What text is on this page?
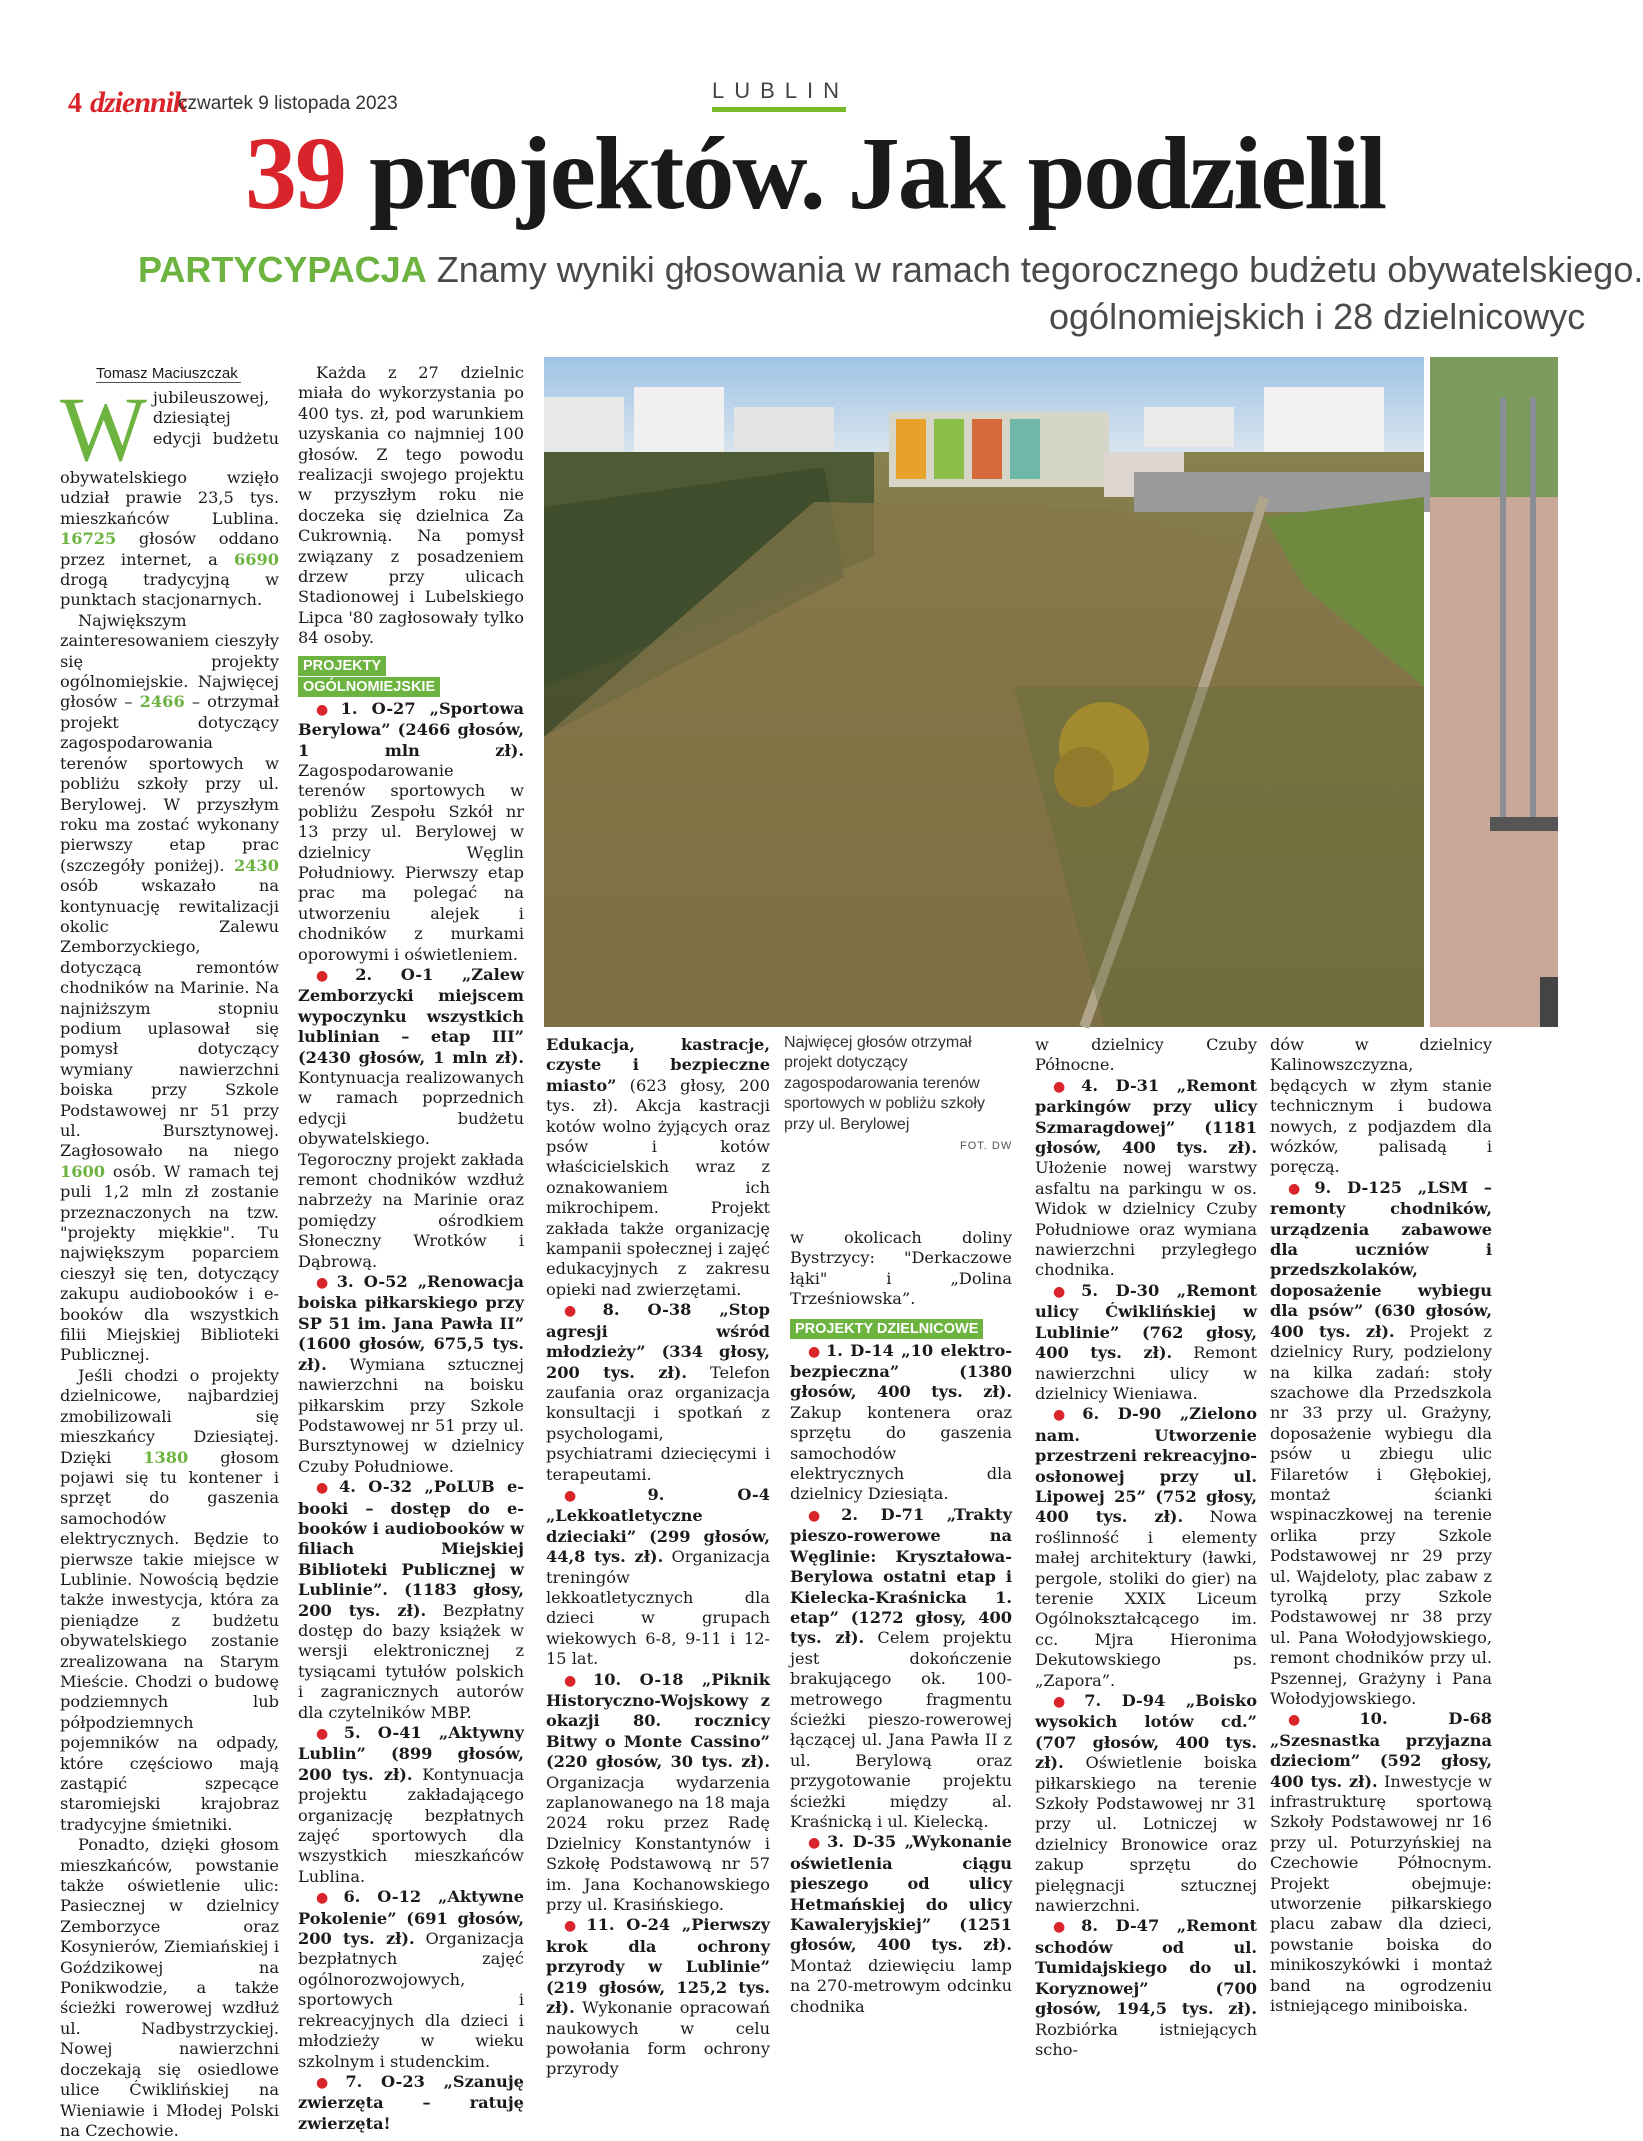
4 dziennik
czwartek 9 listopada 2023
LUBLIN
39 projektów. Jak podzielil
PARTYCYPACJA Znamy wyniki głosowania w ramach tegorocznego budżetu obywatelskiego.
ogólnomiejskich i 28 dzielnicowyc
Tomasz Maciuszczak

Wjubileuszowej, dziesiątej edycji budżetu obywatelskiego wzięło udział prawie 23,5 tys. mieszkańców Lublina. 16725 głosów oddano przez internet, a 6690 drogą tradycyjną w punktach stacjonarnych.

Największym zainteresowaniem cieszyły się projekty ogólnomiejskie. Najwięcej głosów – 2466 – otrzymał projekt dotyczący zagospodarowania terenów sportowych w pobliżu szkoły przy ul. Berylowej. W przyszłym roku ma zostać wykonany pierwszy etap prac (szczegóły poniżej). 2430 osób wskazało na kontynuację rewitalizacji okolic Zalewu Zemborzyckiego, dotyczącą remontów chodników na Marinie. Na najniższym stopniu podium uplasował się pomysł dotyczący wymiany nawierzchni boiska przy Szkole Podstawowej nr 51 przy ul. Bursztynowej. Zagłosowało na niego 1600 osób. W ramach tej puli 1,2 mln zł zostanie przeznaczonych na tzw. "projekty miękkie". Tu największym poparciem cieszył się ten, dotyczący zakupu audiobooków i e-booków dla wszystkich filii Miejskiej Biblioteki Publicznej.

Jeśli chodzi o projekty dzielnicowe, najbardziej zmobilizowali się mieszkańcy Dziesiątej. Dzięki 1380 głosom pojawi się tu kontener i sprzęt do gaszenia samochodów elektrycznych. Będzie to pierwsze takie miejsce w Lublinie. Nowością będzie także inwestycja, która za pieniądze z budżetu obywatelskiego zostanie zrealizowana na Starym Mieście. Chodzi o budowę podziemnych lub półpodziemnych pojemników na odpady, które częściowo mają zastąpić szpecące staromiejski krajobraz tradycyjne śmietniki.

Ponadto, dzięki głosom mieszkańców, powstanie także oświetlenie ulic: Pasiecznej w dzielnicy Zemborzyce oraz Kosynierów, Ziemiańskiej i Goździkowej na Ponikwodzie, a także ścieżki rowerowej wzdłuż ul. Nadbystrzyckiej. Nowej nawierzchni doczekają się osiedlowe ulice Ćwiklińskiej na Wieniawie i Młodej Polski na Czechowie.

Każda z 27 dzielnic miała do wykorzystania po 400 tys. zł, pod warunkiem uzyskania co najmniej 100 głosów. Z tego powodu realizacji swojego projektu w przyszłym roku nie doczeka się dzielnica Za Cukrownią. Na pomysł związany z posadzeniem drzew przy ulicach Stadionowej i Lubelskiego Lipca '80 zagłosowały tylko 84 osoby.

PROJEKTY
OGÓLNOMIEJSKIE

● 1. O-27 „Sportowa Berylowa” (2466 głosów, 1 mln zł). Zagospodarowanie terenów sportowych w pobliżu Zespołu Szkół nr 13 przy ul. Berylowej w dzielnicy Węglin Południowy. Pierwszy etap prac ma polegać na utworzeniu alejek i chodników z murkami oporowymi i oświetleniem.

● 2. O-1 „Zalew Zemborzycki miejscem wypoczynku wszystkich lublinian – etap III” (2430 głosów, 1 mln zł). Kontynuacja realizowanych w ramach poprzednich edycji budżetu obywatelskiego. Tegoroczny projekt zakłada remont chodników wzdłuż nabrzeży na Marinie oraz pomiędzy ośrodkiem Słoneczny Wrotków i Dąbrową.

● 3. O-52 „Renowacja boiska piłkarskiego przy SP 51 im. Jana Pawła II” (1600 głosów, 675,5 tys. zł). Wymiana sztucznej nawierzchni na boisku piłkarskim przy Szkole Podstawowej nr 51 przy ul. Bursztynowej w dzielnicy Czuby Południowe.

● 4. O-32 „PoLUB e-booki – dostęp do e-booków i audiobooków w filiach Miejskiej Biblioteki Publicznej w Lublinie”. (1183 głosy, 200 tys. zł). Bezpłatny dostęp do bazy książek w wersji elektronicznej z tysiącami tytułów polskich i zagranicznych autorów dla czytelników MBP.

● 5. O-41 „Aktywny Lublin” (899 głosów, 200 tys. zł). Kontynuacja projektu zakładającego organizację bezpłatnych zajęć sportowych dla wszystkich mieszkańców Lublina.

● 6. O-12 „Aktywne Pokolenie” (691 głosów, 200 tys. zł). Organizacja bezpłatnych zajęć ogólnorozwojowych, sportowych i rekreacyjnych dla dzieci i młodzieży w wieku szkolnym i studenckim.

● 7. O-23 „Szanuję zwierzęta – ratuję zwierzęta!

Najwięcej głosów otrzymał projekt dotyczący zagospodarowania terenów sportowych w pobliżu szkoły przy ul. Berylowej
FOT. DW

Edukacja, kastracje, czyste i bezpieczne miasto” (623 głosy, 200 tys. zł). Akcja kastracji kotów wolno żyjących oraz psów i kotów właścicielskich wraz z oznakowaniem ich mikrochipem. Projekt zakłada także organizację kampanii społecznej i zajęć edukacyjnych z zakresu opieki nad zwierzętami.

● 8. O-38 „Stop agresji wśród młodzieży” (334 głosy, 200 tys. zł). Telefon zaufania oraz organizacja konsultacji i spotkań z psychologami, psychiatrami dziecięcymi i terapeutami.

● 9. O-4 „Lekkoatletyczne dzieciaki” (299 głosów, 44,8 tys. zł). Organizacja treningów lekkoatletycznych dla dzieci w grupach wiekowych 6-8, 9-11 i 12-15 lat.

● 10. O-18 „Piknik Historyczno-Wojskowy z okazji 80. rocznicy Bitwy o Monte Cassino” (220 głosów, 30 tys. zł). Organizacja wydarzenia zaplanowanego na 18 maja 2024 roku przez Radę Dzielnicy Konstantynów i Szkołę Podstawową nr 57 im. Jana Kochanowskiego przy ul. Krasińskiego.

● 11. O-24 „Pierwszy krok dla ochrony przyrody w Lublinie” (219 głosów, 125,2 tys. zł). Wykonanie opracowań naukowych w celu powołania form ochrony przyrody

w okolicach doliny Bystrzycy: "Derkaczowe łąki" i „Dolina Trześniowska”.

PROJEKTY DZIELNICOWE

● 1. D-14 „10 elektro-bezpieczna” (1380 głosów, 400 tys. zł). Zakup kontenera oraz sprzętu do gaszenia samochodów elektrycznych dla dzielnicy Dziesiąta.

● 2. D-71 „Trakty pieszo-rowerowe na Węglinie: Kryształowa-Berylowa ostatni etap i Kielecka-Kraśnicka 1. etap” (1272 głosy, 400 tys. zł). Celem projektu jest dokończenie brakującego ok. 100-metrowego fragmentu ścieżki pieszo-rowerowej łączącej ul. Jana Pawła II z ul. Berylową oraz przygotowanie projektu ścieżki między al. Kraśnicką i ul. Kielecką.

● 3. D-35 „Wykonanie oświetlenia ciągu pieszego od ulicy Hetmańskiej do ulicy Kawaleryjskiej” (1251 głosów, 400 tys. zł). Montaż dziewięciu lamp na 270-metrowym odcinku chodnika

w dzielnicy Czuby Północne.

● 4. D-31 „Remont parkingów przy ulicy Szmaragdowej” (1181 głosów, 400 tys. zł). Ułożenie nowej warstwy asfaltu na parkingu w os. Widok w dzielnicy Czuby Południowe oraz wymiana nawierzchni przyległego chodnika.

● 5. D-30 „Remont ulicy Ćwiklińskiej w Lublinie” (762 głosy, 400 tys. zł). Remont nawierzchni ulicy w dzielnicy Wieniawa.

● 6. D-90 „Zielono nam. Utworzenie przestrzeni rekreacyjno-osłonowej przy ul. Lipowej 25” (752 głosy, 400 tys. zł). Nowa roślinność i elementy małej architektury (ławki, pergole, stoliki do gier) na terenie XXIX Liceum Ogólnokształcącego im. cc. Mjra Hieronima Dekutowskiego ps. „Zapora”.

● 7. D-94 „Boisko wysokich lotów cd.” (707 głosów, 400 tys. zł). Oświetlenie boiska piłkarskiego na terenie Szkoły Podstawowej nr 31 przy ul. Lotniczej w dzielnicy Bronowice oraz zakup sprzętu do pielęgnacji sztucznej nawierzchni.

● 8. D-47 „Remont schodów od ul. Tumidajskiego do ul. Koryznowej” (700 głosów, 194,5 tys. zł). Rozbiórka istniejących scho-

dów w dzielnicy Kalinowszczyzna, będących w złym stanie technicznym i budowa nowych, z podjazdem dla wózków, palisadą i poręczą.

● 9. D-125 „LSM – remonty chodników, urządzenia zabawowe dla uczniów i przedszkolaków, doposażenie wybiegu dla psów” (630 głosów, 400 tys. zł). Projekt z dzielnicy Rury, podzielony na kilka zadań: stoły szachowe dla Przedszkola nr 33 przy ul. Grażyny, doposażenie wybiegu dla psów u zbiegu ulic Filaretów i Głębokiej, montaż ścianki wspinaczkowej na terenie orlika przy Szkole Podstawowej nr 29 przy ul. Wajdeloty, plac zabaw z tyrolką przy Szkole Podstawowej nr 38 przy ul. Pana Wołodyjowskiego, remont chodników przy ul. Pszennej, Grażyny i Pana Wołodyjowskiego.

● 10. D-68 „Szesnastka przyjazna dzieciom” (592 głosy, 400 tys. zł). Inwestycje w infrastrukturę sportową Szkoły Podstawowej nr 16 przy ul. Poturzyńskiej na Czechowie Północnym. Projekt obejmuje: utworzenie piłkarskiego placu zabaw dla dzieci, powstanie boiska do minikoszykówki i montaż band na ogrodzeniu istniejącego miniboiska.
